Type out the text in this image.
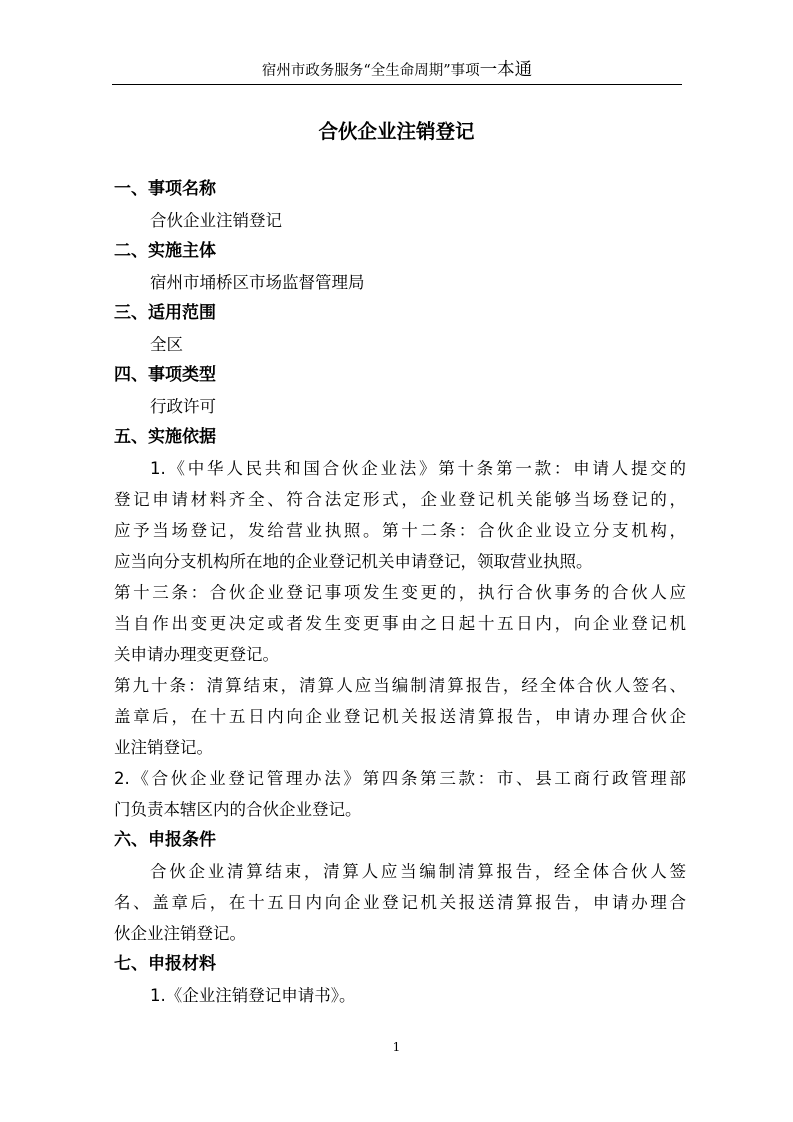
宿州市政务服务“全生命周期”事项一本通
合伙企业注销登记
一、事项名称
合伙企业注销登记
二、实施主体
宿州市埇桥区市场监督管理局
三、适用范围
全区
四、事项类型
行政许可
五、实施依据
1.《中华人民共和国合伙企业法》第十条第一款：申请人提交的
登记申请材料齐全、符合法定形式，企业登记机关能够当场登记的，
应予当场登记，发给营业执照。第十二条：合伙企业设立分支机构，
应当向分支机构所在地的企业登记机关申请登记，领取营业执照。
第十三条：合伙企业登记事项发生变更的，执行合伙事务的合伙人应
当自作出变更决定或者发生变更事由之日起十五日内，向企业登记机
关申请办理变更登记。
第九十条：清算结束，清算人应当编制清算报告，经全体合伙人签名、
盖章后，在十五日内向企业登记机关报送清算报告，申请办理合伙企
业注销登记。
2.《合伙企业登记管理办法》第四条第三款：市、县工商行政管理部
门负责本辖区内的合伙企业登记。
六、申报条件
合伙企业清算结束，清算人应当编制清算报告，经全体合伙人签
名、盖章后，在十五日内向企业登记机关报送清算报告，申请办理合
伙企业注销登记。
七、申报材料
1.《企业注销登记申请书》。
1
